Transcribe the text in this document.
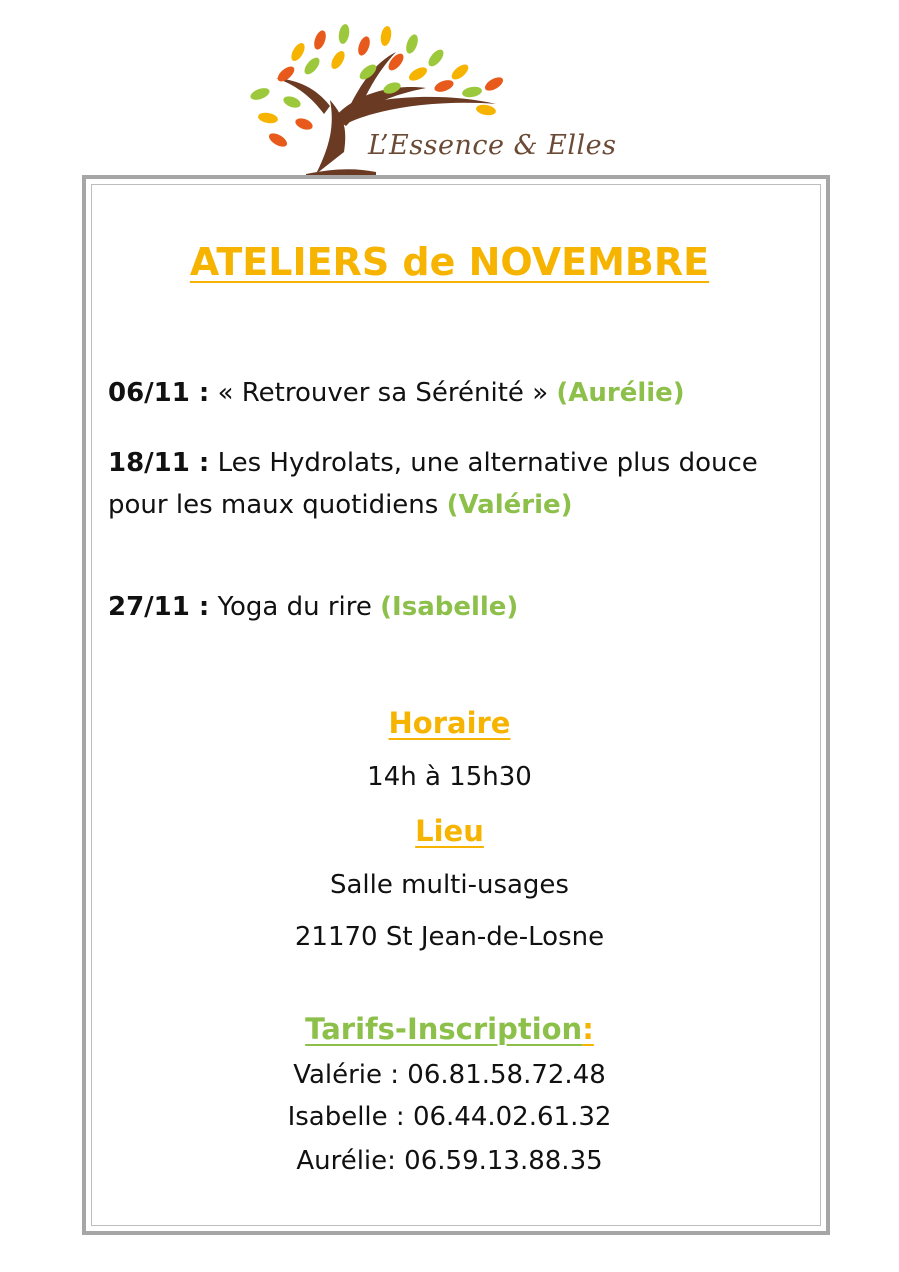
L’Essence & Elles
ATELIERS de NOVEMBRE
06/11 : « Retrouver sa Sérénité » (Aurélie)
18/11 : Les Hydrolats, une alternative plus douce
pour les maux quotidiens (Valérie)
27/11 : Yoga du rire (Isabelle)
Horaire
14h à 15h30
Lieu
Salle multi-usages
21170 St Jean-de-Losne
Tarifs-Inscription:
Valérie : 06.81.58.72.48
Isabelle : 06.44.02.61.32
Aurélie: 06.59.13.88.35
